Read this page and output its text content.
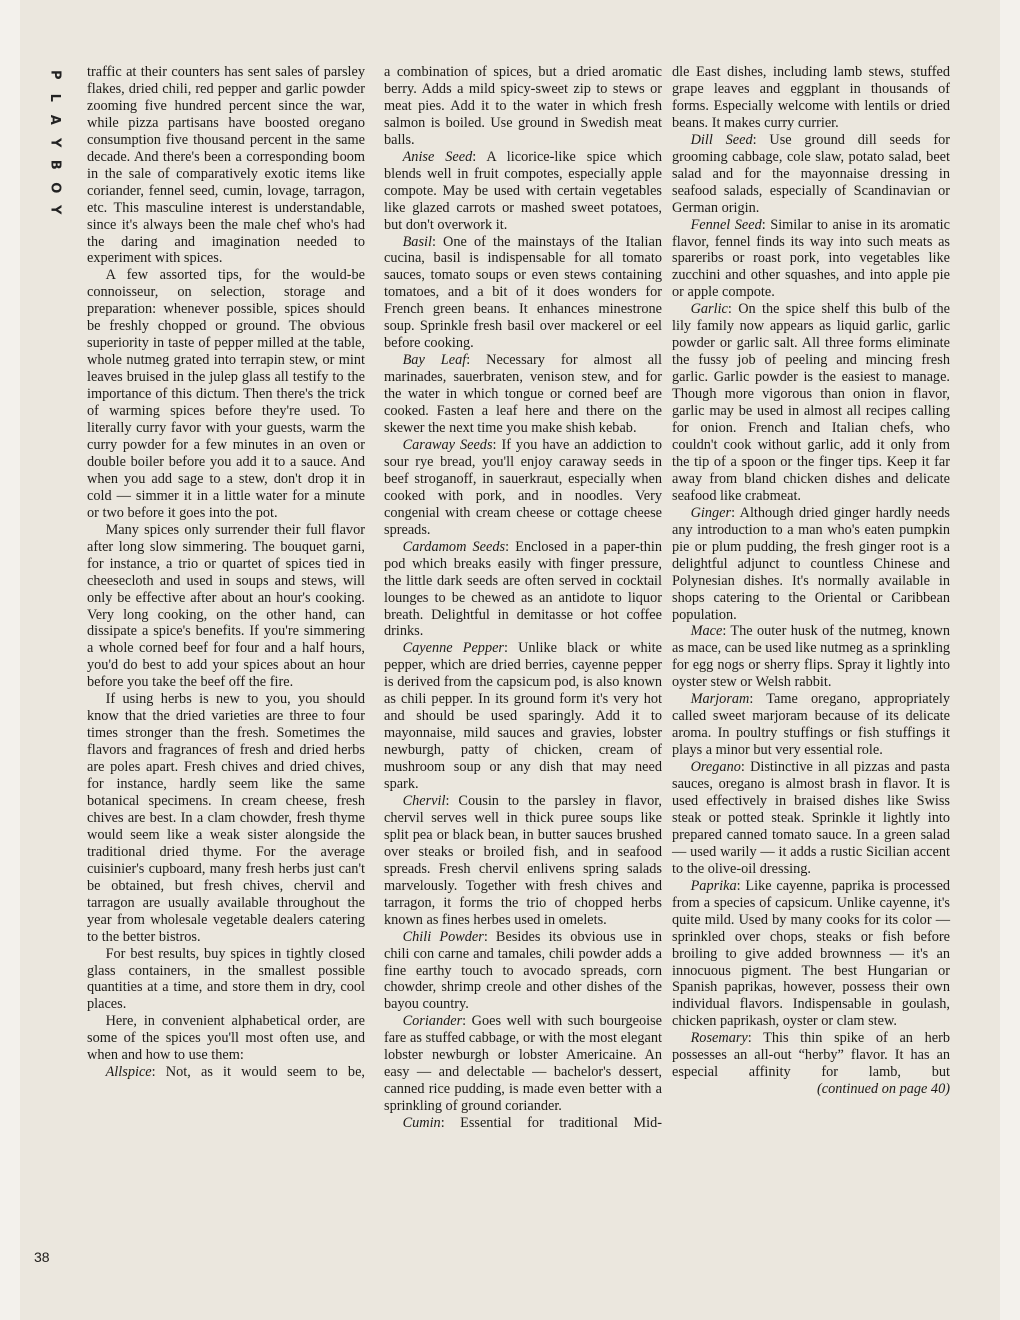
P
L
A
Y
B
O
Y

traffic at their counters has sent sales of parsley flakes, dried chili, red pepper and garlic powder zooming five hundred percent since the war, while pizza partisans have boosted oregano consumption five thousand percent in the same decade. And there's been a corresponding boom in the sale of comparatively exotic items like coriander, fennel seed, cumin, lovage, tarragon, etc. This masculine interest is understandable, since it's always been the male chef who's had the daring and imagination needed to experiment with spices.

A few assorted tips, for the would-be connoisseur, on selection, storage and preparation: whenever possible, spices should be freshly chopped or ground. The obvious superiority in taste of pepper milled at the table, whole nutmeg grated into terrapin stew, or mint leaves bruised in the julep glass all testify to the importance of this dictum. Then there's the trick of warming spices before they're used. To literally curry favor with your guests, warm the curry powder for a few minutes in an oven or double boiler before you add it to a sauce. And when you add sage to a stew, don't drop it in cold — simmer it in a little water for a minute or two before it goes into the pot.

Many spices only surrender their full flavor after long slow simmering. The bouquet garni, for instance, a trio or quartet of spices tied in cheesecloth and used in soups and stews, will only be effective after about an hour's cooking. Very long cooking, on the other hand, can dissipate a spice's benefits. If you're simmering a whole corned beef for four and a half hours, you'd do best to add your spices about an hour before you take the beef off the fire.

If using herbs is new to you, you should know that the dried varieties are three to four times stronger than the fresh. Sometimes the flavors and fragrances of fresh and dried herbs are poles apart. Fresh chives and dried chives, for instance, hardly seem like the same botanical specimens. In cream cheese, fresh chives are best. In a clam chowder, fresh thyme would seem like a weak sister alongside the traditional dried thyme. For the average cuisinier's cupboard, many fresh herbs just can't be obtained, but fresh chives, chervil and tarragon are usually available throughout the year from wholesale vegetable dealers catering to the better bistros.

For best results, buy spices in tightly closed glass containers, in the smallest possible quantities at a time, and store them in dry, cool places.

Here, in convenient alphabetical order, are some of the spices you'll most often use, and when and how to use them:

Allspice: Not, as it would seem to be,

a combination of spices, but a dried aromatic berry. Adds a mild spicy-sweet zip to stews or meat pies. Add it to the water in which fresh salmon is boiled. Use ground in Swedish meat balls.

Anise Seed: A licorice-like spice which blends well in fruit compotes, especially apple compote. May be used with certain vegetables like glazed carrots or mashed sweet potatoes, but don't overwork it.

Basil: One of the mainstays of the Italian cucina, basil is indispensable for all tomato sauces, tomato soups or even stews containing tomatoes, and a bit of it does wonders for French green beans. It enhances minestrone soup. Sprinkle fresh basil over mackerel or eel before cooking.

Bay Leaf: Necessary for almost all marinades, sauerbraten, venison stew, and for the water in which tongue or corned beef are cooked. Fasten a leaf here and there on the skewer the next time you make shish kebab.

Caraway Seeds: If you have an addiction to sour rye bread, you'll enjoy caraway seeds in beef stroganoff, in sauerkraut, especially when cooked with pork, and in noodles. Very congenial with cream cheese or cottage cheese spreads.

Cardamom Seeds: Enclosed in a paper-thin pod which breaks easily with finger pressure, the little dark seeds are often served in cocktail lounges to be chewed as an antidote to liquor breath. Delightful in demitasse or hot coffee drinks.

Cayenne Pepper: Unlike black or white pepper, which are dried berries, cayenne pepper is derived from the capsicum pod, is also known as chili pepper. In its ground form it's very hot and should be used sparingly. Add it to mayonnaise, mild sauces and gravies, lobster newburgh, patty of chicken, cream of mushroom soup or any dish that may need spark.

Chervil: Cousin to the parsley in flavor, chervil serves well in thick puree soups like split pea or black bean, in butter sauces brushed over steaks or broiled fish, and in seafood spreads. Fresh chervil enlivens spring salads marvelously. Together with fresh chives and tarragon, it forms the trio of chopped herbs known as fines herbes used in omelets.

Chili Powder: Besides its obvious use in chili con carne and tamales, chili powder adds a fine earthy touch to avocado spreads, corn chowder, shrimp creole and other dishes of the bayou country.

Coriander: Goes well with such bourgeoise fare as stuffed cabbage, or with the most elegant lobster newburgh or lobster Americaine. An easy — and delectable — bachelor's dessert, canned rice pudding, is made even better with a sprinkling of ground coriander.

Cumin: Essential for traditional Mid-

dle East dishes, including lamb stews, stuffed grape leaves and eggplant in thousands of forms. Especially welcome with lentils or dried beans. It makes curry currier.

Dill Seed: Use ground dill seeds for grooming cabbage, cole slaw, potato salad, beet salad and for the mayonnaise dressing in seafood salads, especially of Scandinavian or German origin.

Fennel Seed: Similar to anise in its aromatic flavor, fennel finds its way into such meats as spareribs or roast pork, into vegetables like zucchini and other squashes, and into apple pie or apple compote.

Garlic: On the spice shelf this bulb of the lily family now appears as liquid garlic, garlic powder or garlic salt. All three forms eliminate the fussy job of peeling and mincing fresh garlic. Garlic powder is the easiest to manage. Though more vigorous than onion in flavor, garlic may be used in almost all recipes calling for onion. French and Italian chefs, who couldn't cook without garlic, add it only from the tip of a spoon or the finger tips. Keep it far away from bland chicken dishes and delicate seafood like crabmeat.

Ginger: Although dried ginger hardly needs any introduction to a man who's eaten pumpkin pie or plum pudding, the fresh ginger root is a delightful adjunct to countless Chinese and Polynesian dishes. It's normally available in shops catering to the Oriental or Caribbean population.

Mace: The outer husk of the nutmeg, known as mace, can be used like nutmeg as a sprinkling for egg nogs or sherry flips. Spray it lightly into oyster stew or Welsh rabbit.

Marjoram: Tame oregano, appropriately called sweet marjoram because of its delicate aroma. In poultry stuffings or fish stuffings it plays a minor but very essential role.

Oregano: Distinctive in all pizzas and pasta sauces, oregano is almost brash in flavor. It is used effectively in braised dishes like Swiss steak or potted steak. Sprinkle it lightly into prepared canned tomato sauce. In a green salad — used warily — it adds a rustic Sicilian accent to the olive-oil dressing.

Paprika: Like cayenne, paprika is processed from a species of capsicum. Unlike cayenne, it's quite mild. Used by many cooks for its color — sprinkled over chops, steaks or fish before broiling to give added brownness — it's an innocuous pigment. The best Hungarian or Spanish paprikas, however, possess their own individual flavors. Indispensable in goulash, chicken paprikash, oyster or clam stew.

Rosemary: This thin spike of an herb possesses an all-out “herby” flavor. It has an especial affinity for lamb, but

(continued on page 40)

38
